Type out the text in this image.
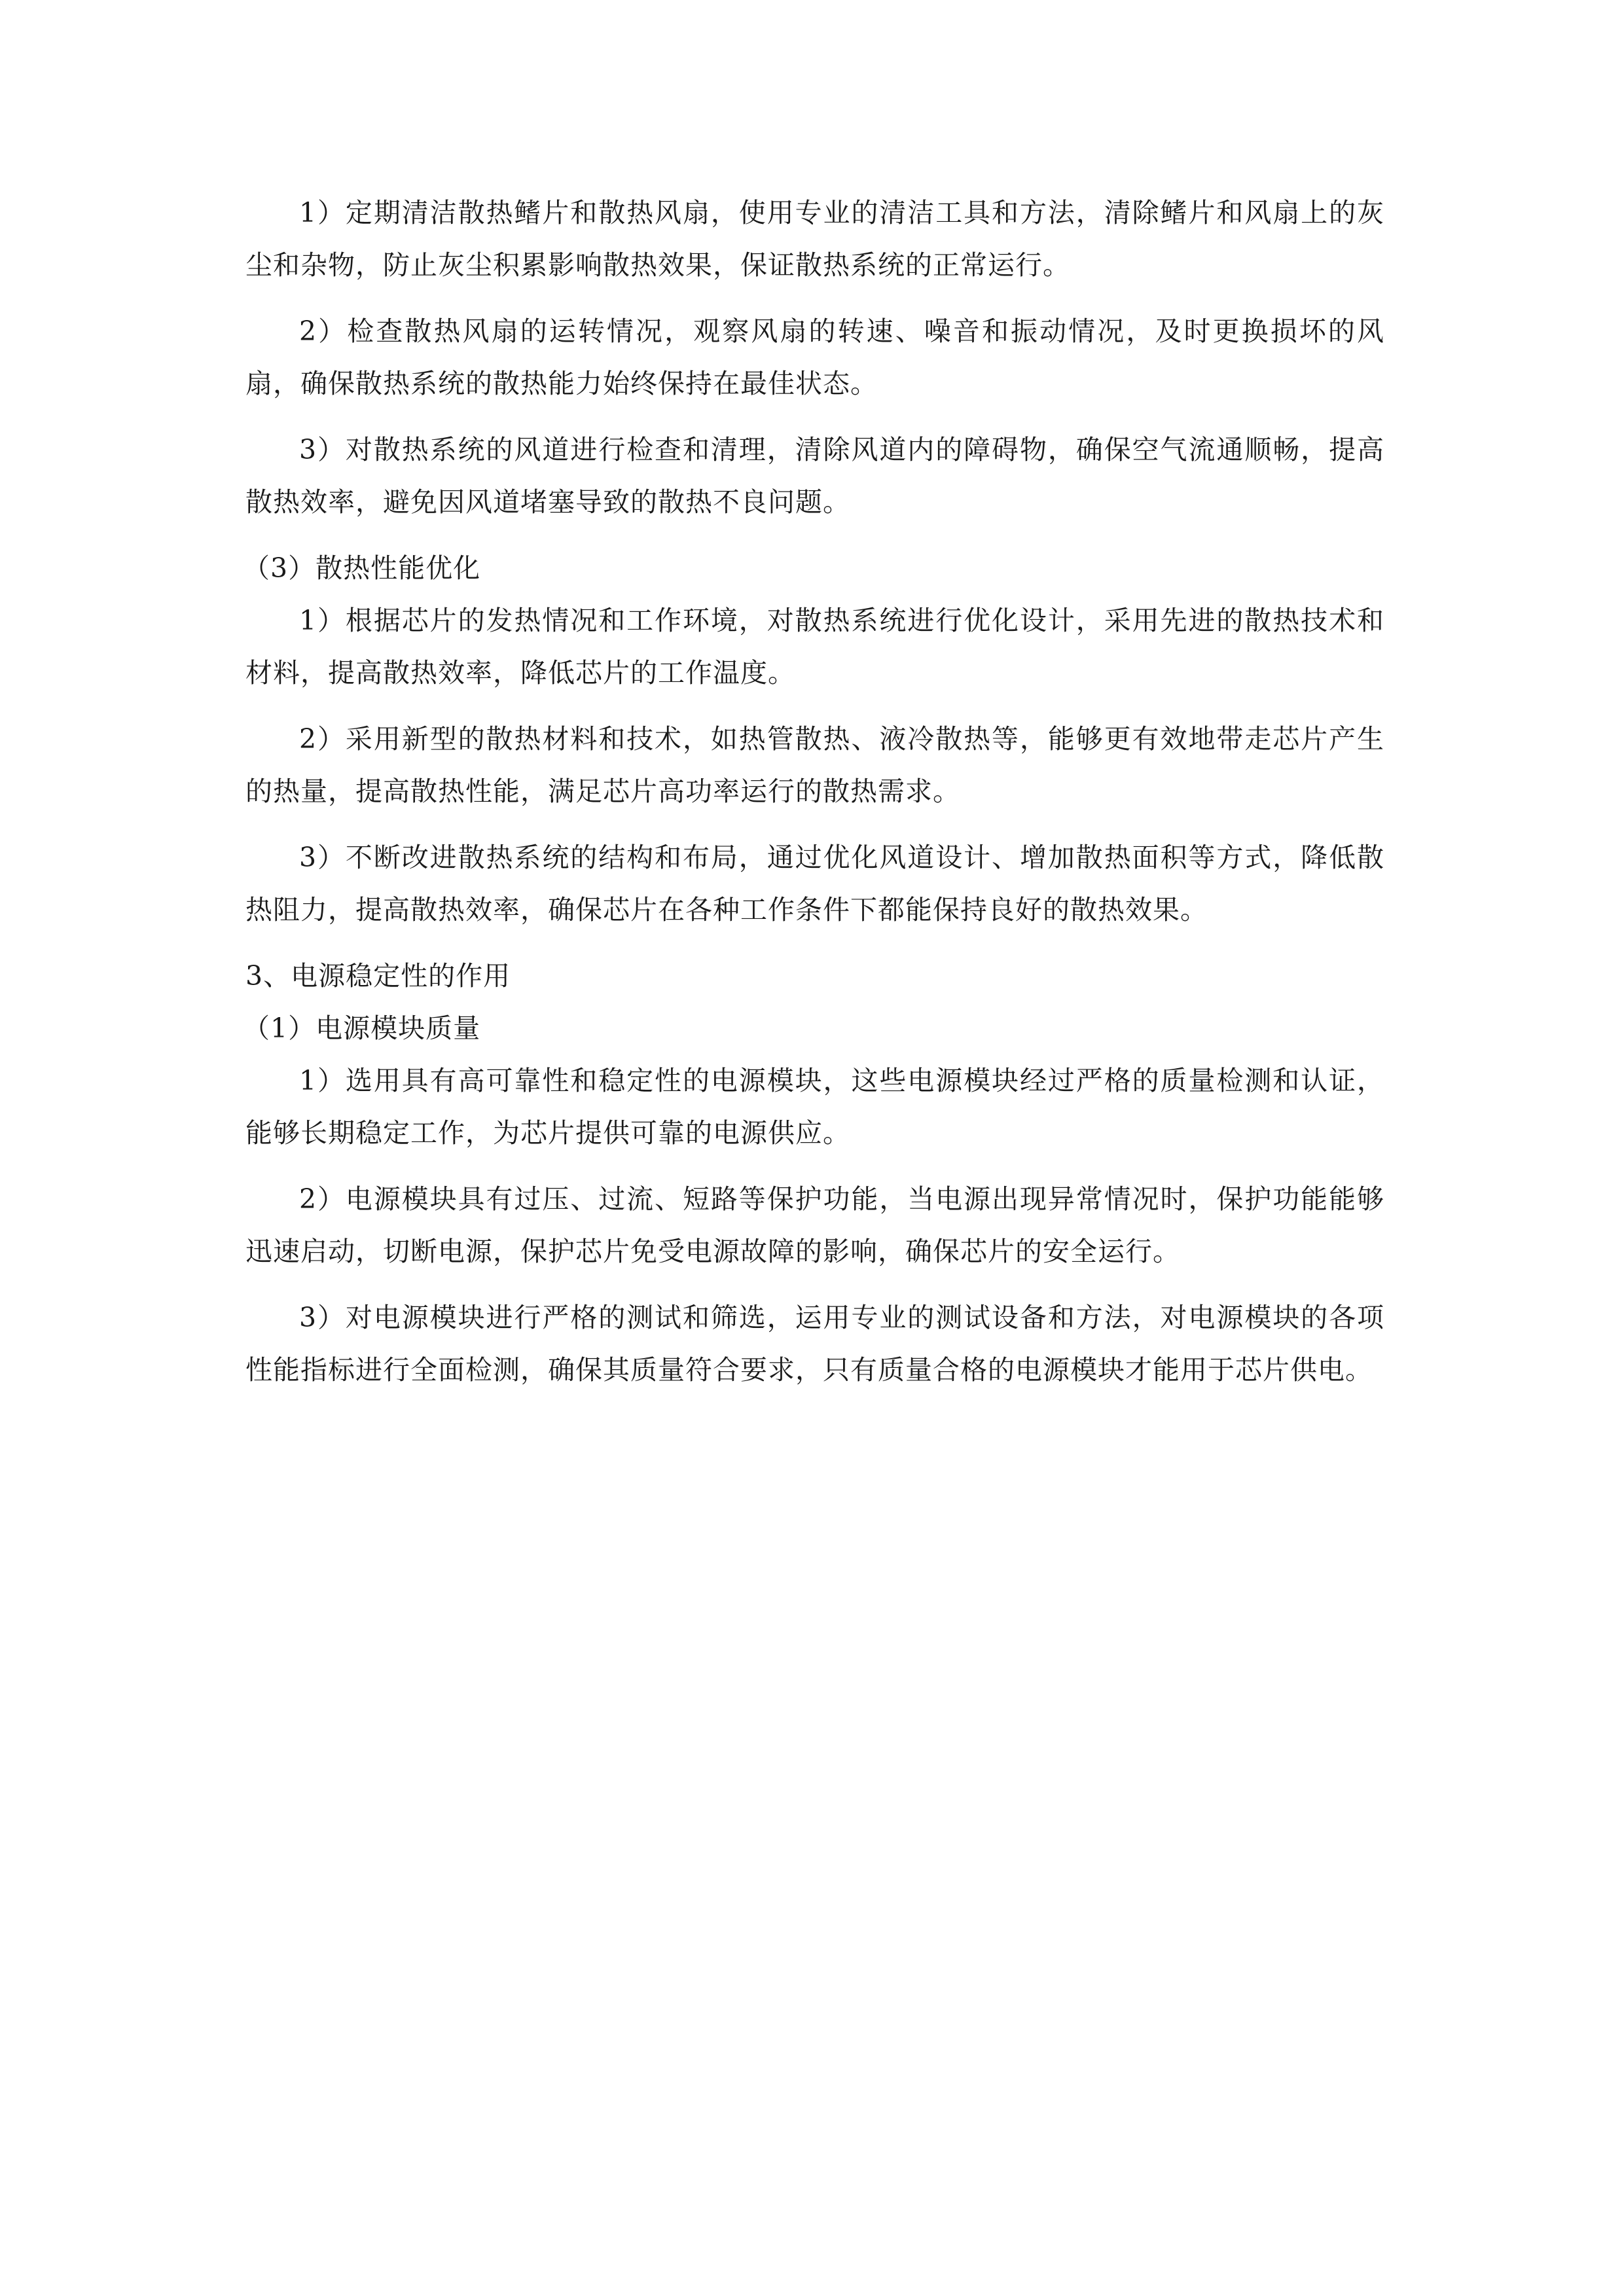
1）定期清洁散热鳍片和散热风扇，使用专业的清洁工具和方法，清除鳍片和风扇上的灰尘和杂物，防止灰尘积累影响散热效果，保证散热系统的正常运行。

2）检查散热风扇的运转情况，观察风扇的转速、噪音和振动情况，及时更换损坏的风扇，确保散热系统的散热能力始终保持在最佳状态。

3）对散热系统的风道进行检查和清理，清除风道内的障碍物，确保空气流通顺畅，提高散热效率，避免因风道堵塞导致的散热不良问题。

（3）散热性能优化

1）根据芯片的发热情况和工作环境，对散热系统进行优化设计，采用先进的散热技术和材料，提高散热效率，降低芯片的工作温度。

2）采用新型的散热材料和技术，如热管散热、液冷散热等，能够更有效地带走芯片产生的热量，提高散热性能，满足芯片高功率运行的散热需求。

3）不断改进散热系统的结构和布局，通过优化风道设计、增加散热面积等方式，降低散热阻力，提高散热效率，确保芯片在各种工作条件下都能保持良好的散热效果。

3、电源稳定性的作用

（1）电源模块质量

1）选用具有高可靠性和稳定性的电源模块，这些电源模块经过严格的质量检测和认证，能够长期稳定工作，为芯片提供可靠的电源供应。

2）电源模块具有过压、过流、短路等保护功能，当电源出现异常情况时，保护功能能够迅速启动，切断电源，保护芯片免受电源故障的影响，确保芯片的安全运行。

3）对电源模块进行严格的测试和筛选，运用专业的测试设备和方法，对电源模块的各项性能指标进行全面检测，确保其质量符合要求，只有质量合格的电源模块才能用于芯片供电。
